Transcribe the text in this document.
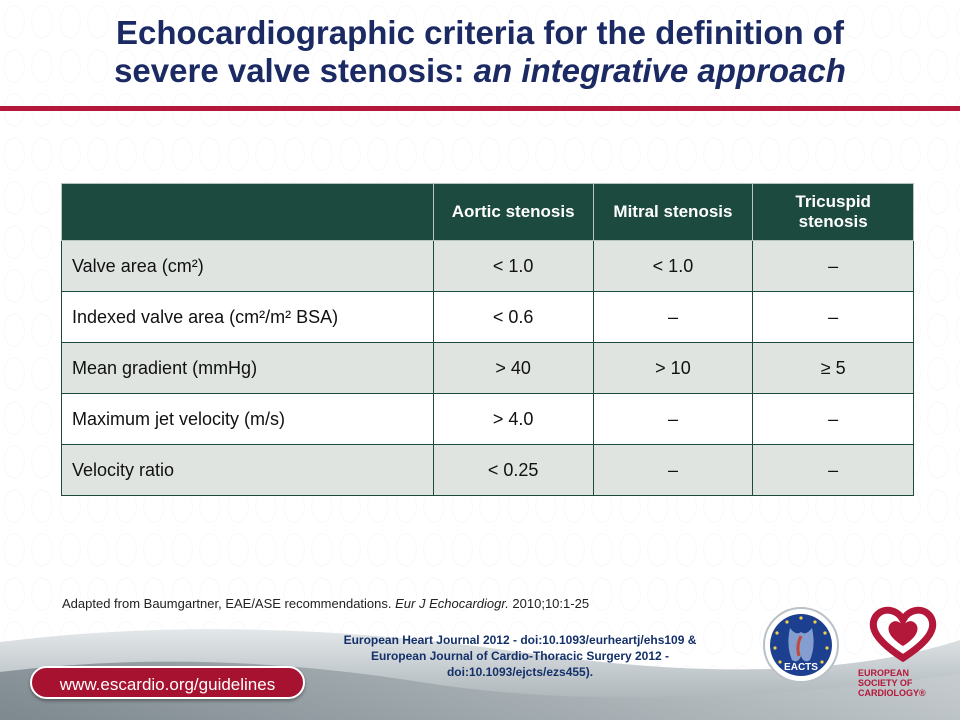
Echocardiographic criteria for the definition of
severe valve stenosis: an integrative approach
	Aortic stenosis	Mitral stenosis	Tricuspid stenosis
Valve area (cm²)	< 1.0	< 1.0	–
Indexed valve area (cm²/m² BSA)	< 0.6	–	–
Mean gradient (mmHg)	> 40	> 10	≥ 5
Maximum jet velocity (m/s)	> 4.0	–	–
Velocity ratio	< 0.25	–	–
Adapted from Baumgartner, EAE/ASE recommendations. Eur J Echocardiogr. 2010;10:1-25
European Heart Journal 2012 - doi:10.1093/eurheartj/ehs109 &
European Journal of Cardio-Thoracic Surgery 2012 -
doi:10.1093/ejcts/ezs455).
www.escardio.org/guidelines
EACTS	EUROPEAN
SOCIETY OF
CARDIOLOGY®
